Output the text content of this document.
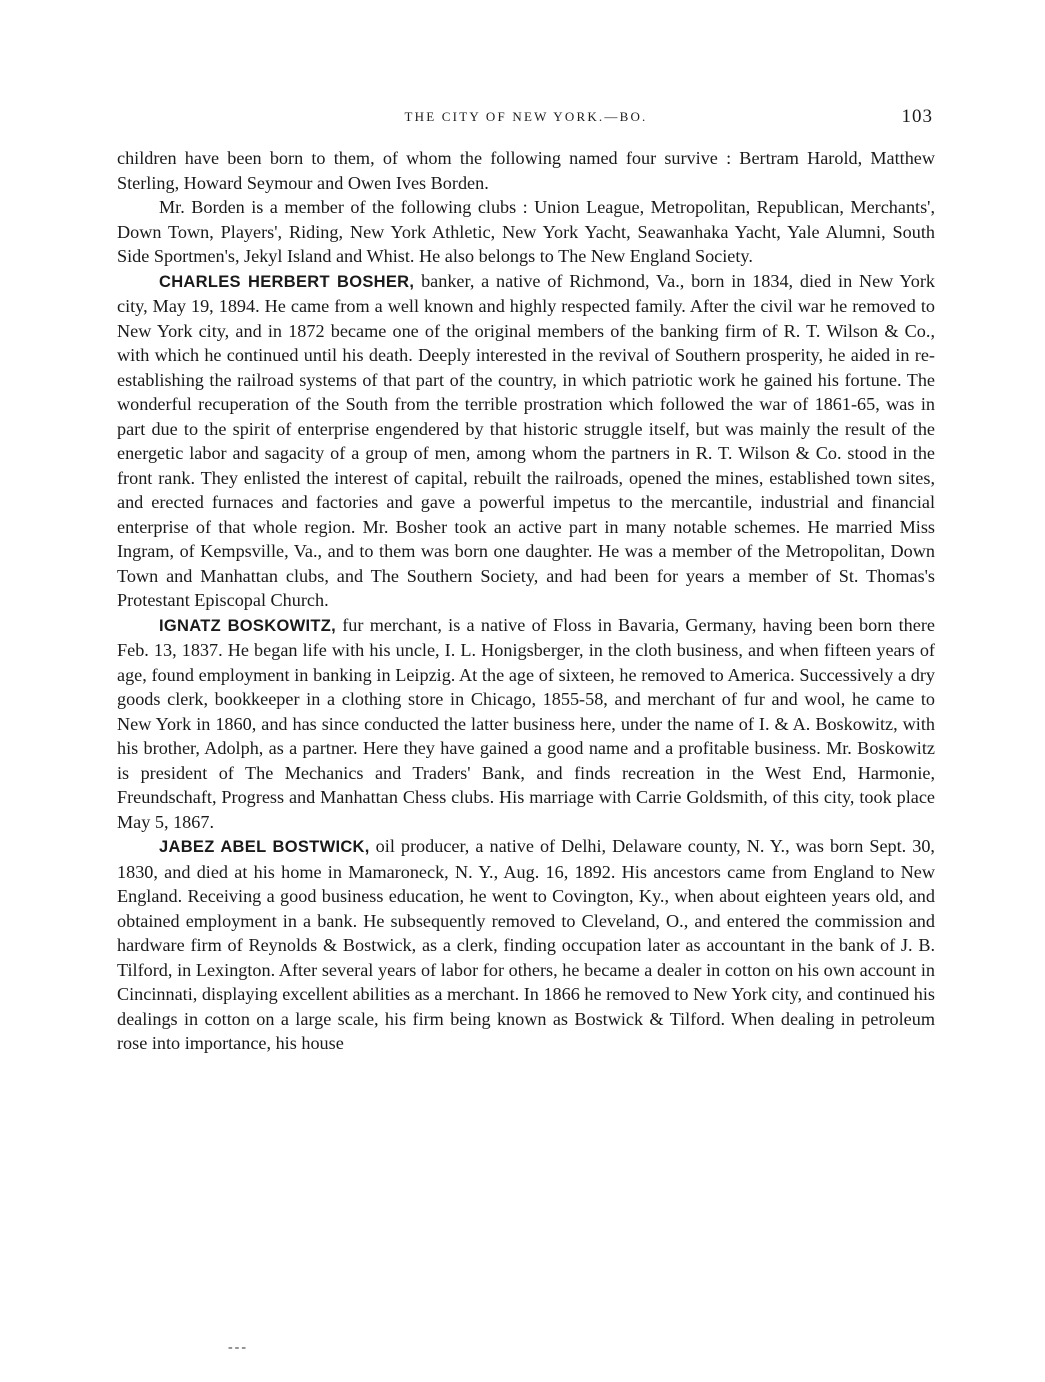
THE CITY OF NEW YORK.—BO.	103

children have been born to them, of whom the following named four survive : Bertram Harold, Matthew Sterling, Howard Seymour and Owen Ives Borden.

Mr. Borden is a member of the following clubs : Union League, Metropolitan, Republican, Merchants', Down Town, Players', Riding, New York Athletic, New York Yacht, Seawanhaka Yacht, Yale Alumni, South Side Sportmen's, Jekyl Island and Whist. He also belongs to The New England Society.

CHARLES HERBERT BOSHER, banker, a native of Richmond, Va., born in 1834, died in New York city, May 19, 1894. He came from a well known and highly respected family. After the civil war he removed to New York city, and in 1872 became one of the original members of the banking firm of R. T. Wilson & Co., with which he continued until his death. Deeply interested in the revival of Southern prosperity, he aided in re-establishing the railroad systems of that part of the country, in which patriotic work he gained his fortune. The wonderful recuperation of the South from the terrible prostration which followed the war of 1861-65, was in part due to the spirit of enterprise engendered by that historic struggle itself, but was mainly the result of the energetic labor and sagacity of a group of men, among whom the partners in R. T. Wilson & Co. stood in the front rank. They enlisted the interest of capital, rebuilt the railroads, opened the mines, established town sites, and erected furnaces and factories and gave a powerful impetus to the mercantile, industrial and financial enterprise of that whole region. Mr. Bosher took an active part in many notable schemes. He married Miss Ingram, of Kempsville, Va., and to them was born one daughter. He was a member of the Metropolitan, Down Town and Manhattan clubs, and The Southern Society, and had been for years a member of St. Thomas's Protestant Episcopal Church.

IGNATZ BOSKOWITZ, fur merchant, is a native of Floss in Bavaria, Germany, having been born there Feb. 13, 1837. He began life with his uncle, I. L. Honigsberger, in the cloth business, and when fifteen years of age, found employment in banking in Leipzig. At the age of sixteen, he removed to America. Successively a dry goods clerk, bookkeeper in a clothing store in Chicago, 1855-58, and merchant of fur and wool, he came to New York in 1860, and has since conducted the latter business here, under the name of I. & A. Boskowitz, with his brother, Adolph, as a partner. Here they have gained a good name and a profitable business. Mr. Boskowitz is president of The Mechanics and Traders' Bank, and finds recreation in the West End, Harmonie, Freundschaft, Progress and Manhattan Chess clubs. His marriage with Carrie Goldsmith, of this city, took place May 5, 1867.

JABEZ ABEL BOSTWICK, oil producer, a native of Delhi, Delaware county, N. Y., was born Sept. 30, 1830, and died at his home in Mamaroneck, N. Y., Aug. 16, 1892. His ancestors came from England to New England. Receiving a good business education, he went to Covington, Ky., when about eighteen years old, and obtained employment in a bank. He subsequently removed to Cleveland, O., and entered the commission and hardware firm of Reynolds & Bostwick, as a clerk, finding occupation later as accountant in the bank of J. B. Tilford, in Lexington. After several years of labor for others, he became a dealer in cotton on his own account in Cincinnati, displaying excellent abilities as a merchant. In 1866 he removed to New York city, and continued his dealings in cotton on a large scale, his firm being known as Bostwick & Tilford. When dealing in petroleum rose into importance, his house

---
